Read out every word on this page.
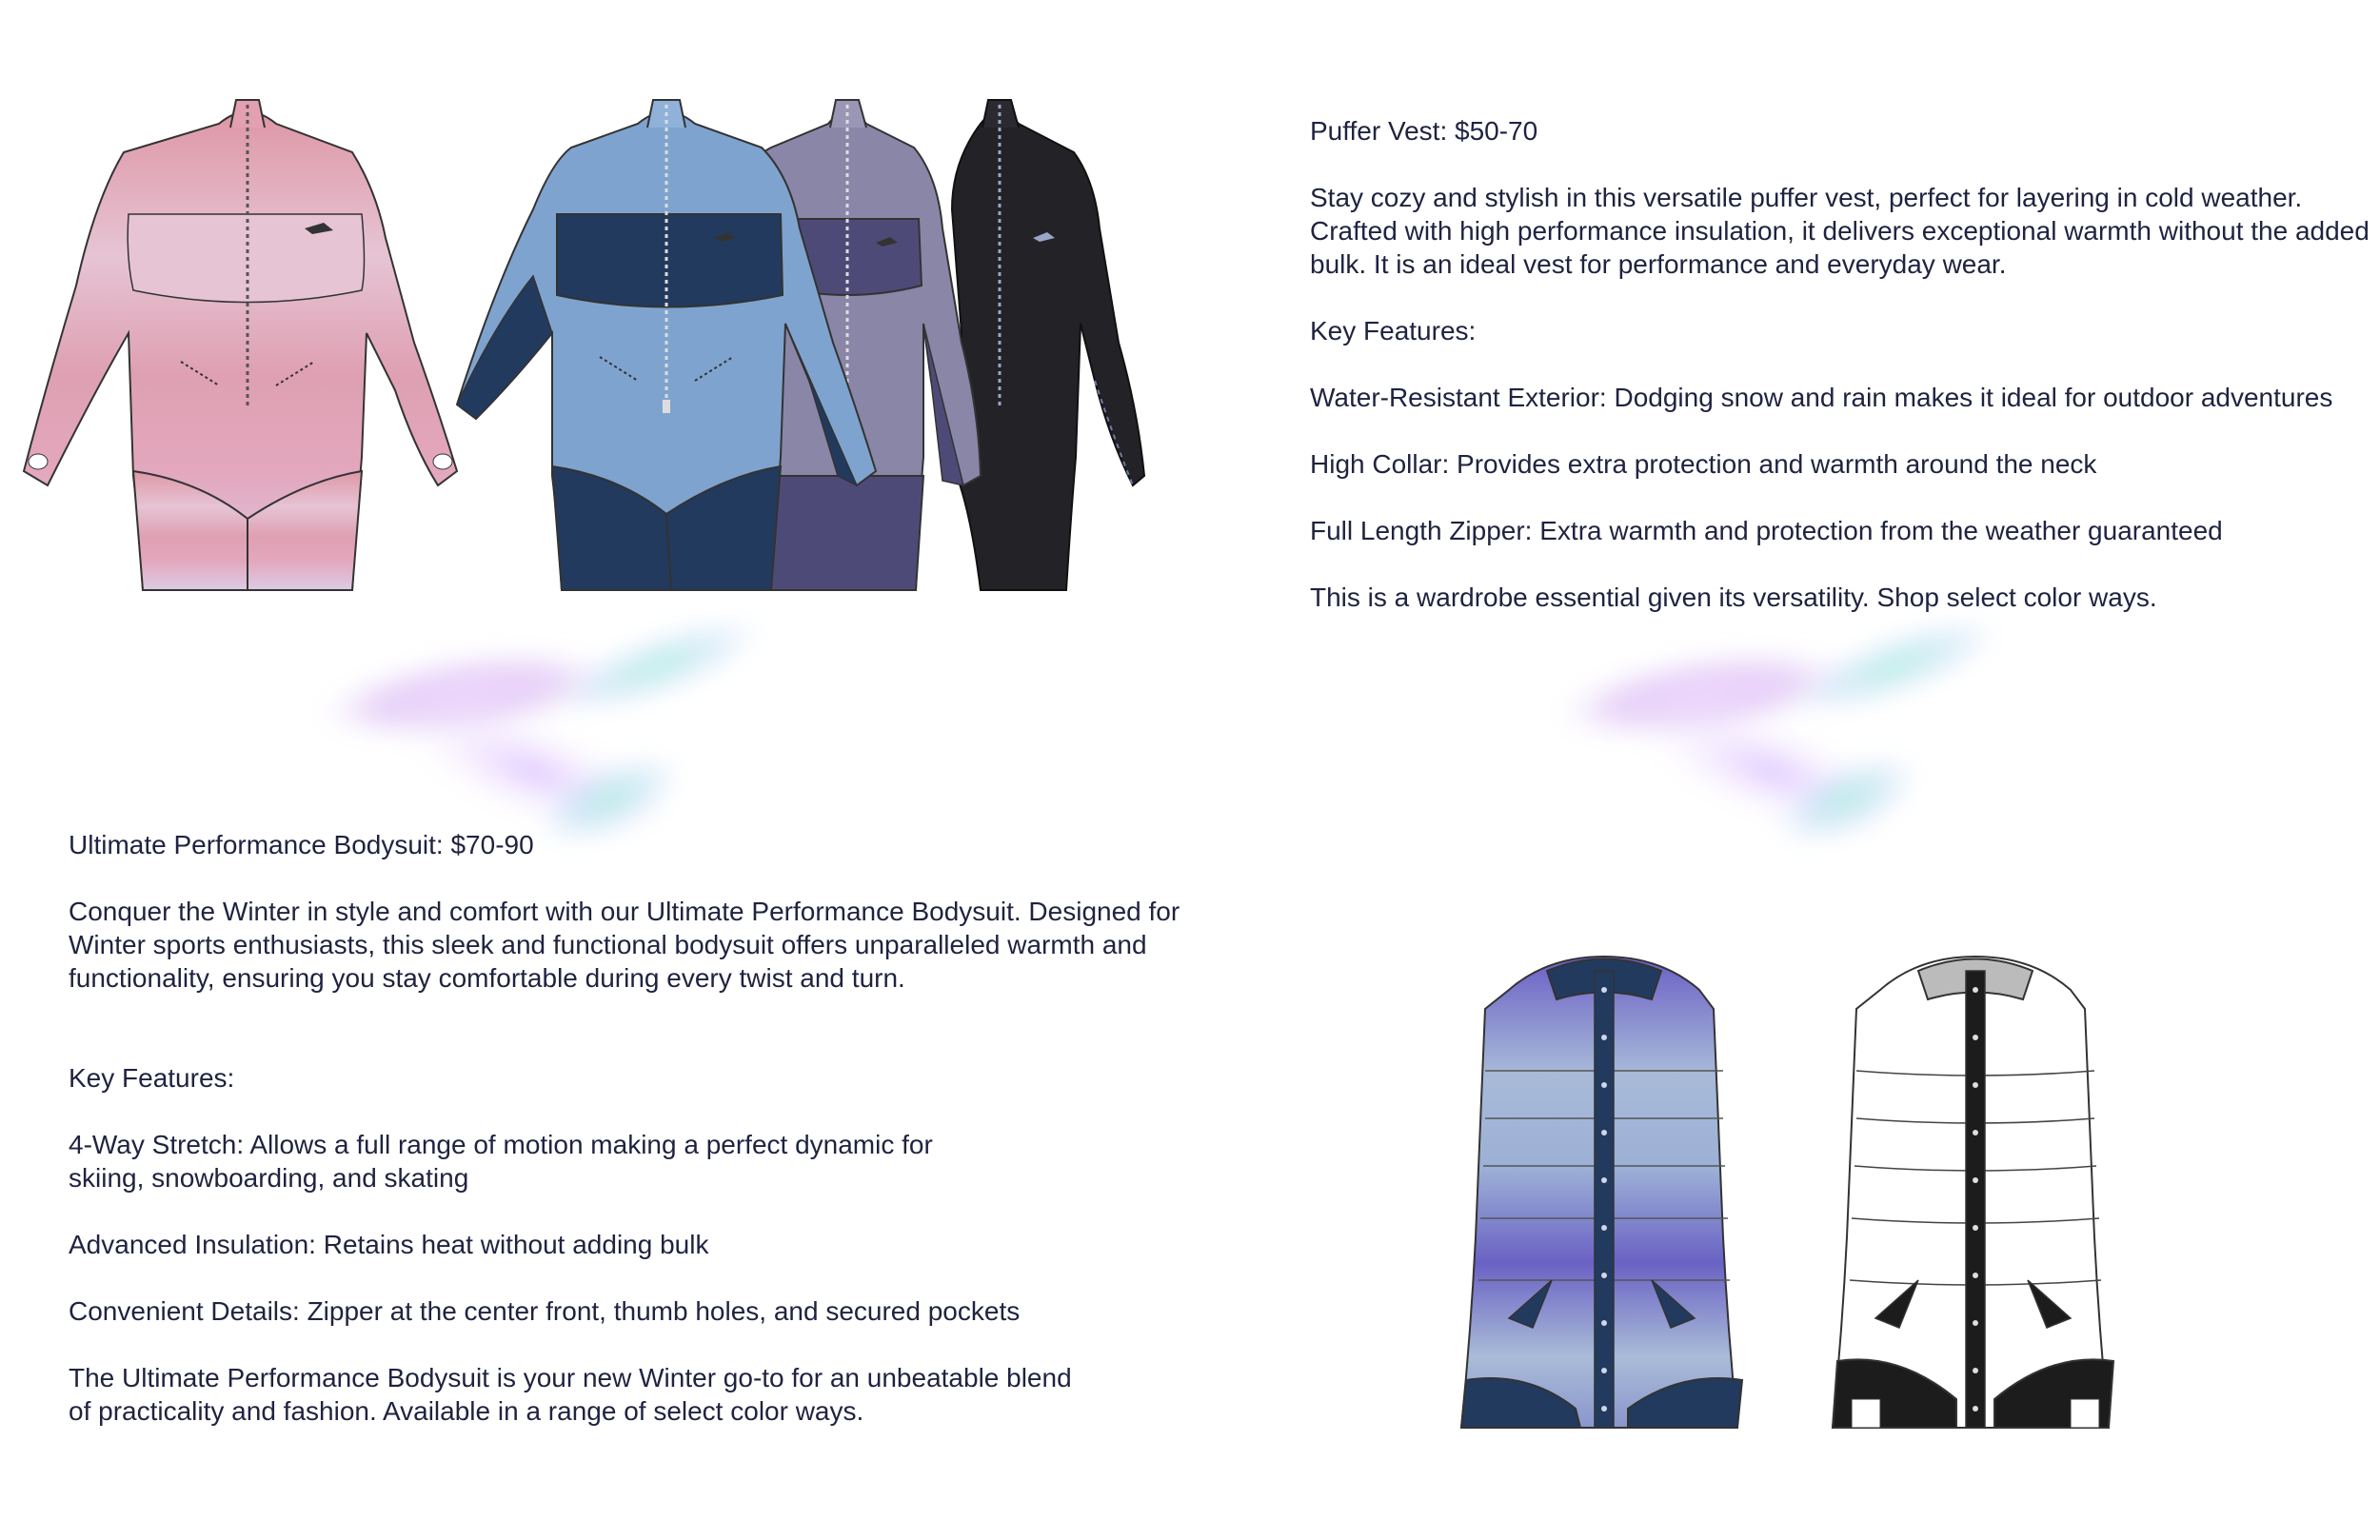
Puffer Vest: $50-70

Stay cozy and stylish in this versatile puffer vest, perfect for layering in cold weather. Crafted with high performance insulation, it delivers exceptional warmth without the added bulk. It is an ideal vest for performance and everyday wear.

Key Features:

Water-Resistant Exterior: Dodging snow and rain makes it ideal for outdoor adventures

High Collar: Provides extra protection and warmth around the neck

Full Length Zipper: Extra warmth and protection from the weather guaranteed

This is a wardrobe essential given its versatility. Shop select color ways.

Ultimate Performance Bodysuit: $70-90

Conquer the Winter in style and comfort with our Ultimate Performance Bodysuit. Designed for Winter sports enthusiasts, this sleek and functional bodysuit offers unparalleled warmth and functionality, ensuring you stay comfortable during every twist and turn.

Key Features:

4-Way Stretch: Allows a full range of motion making a perfect dynamic for skiing, snowboarding, and skating

Advanced Insulation: Retains heat without adding bulk

Convenient Details: Zipper at the center front, thumb holes, and secured pockets

The Ultimate Performance Bodysuit is your new Winter go-to for an unbeatable blend of practicality and fashion. Available in a range of select color ways.
